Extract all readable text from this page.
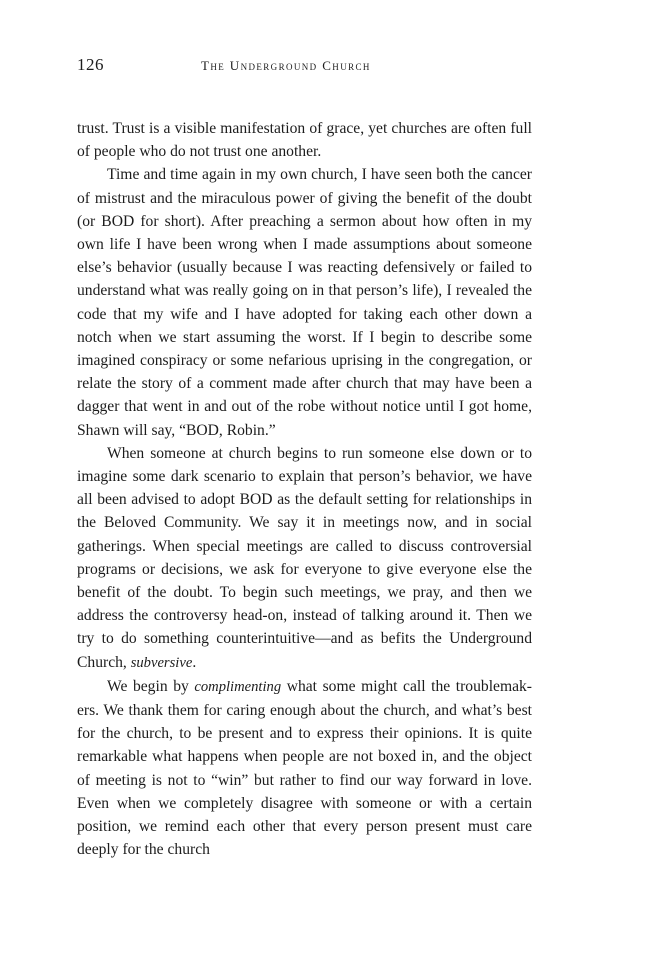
126	The Underground Church

trust. Trust is a visible manifestation of grace, yet churches are often full of people who do not trust one another.

Time and time again in my own church, I have seen both the cancer of mistrust and the miraculous power of giving the benefit of the doubt (or BOD for short). After preaching a sermon about how often in my own life I have been wrong when I made assumptions about someone else’s behavior (usually because I was reacting defensively or failed to understand what was really going on in that person’s life), I revealed the code that my wife and I have adopted for taking each other down a notch when we start assuming the worst. If I begin to describe some imagined conspiracy or some nefarious uprising in the congregation, or relate the story of a comment made after church that may have been a dagger that went in and out of the robe without notice until I got home, Shawn will say, “BOD, Robin.”

When someone at church begins to run someone else down or to imagine some dark scenario to explain that person’s behavior, we have all been advised to adopt BOD as the default setting for relationships in the Beloved Community. We say it in meetings now, and in social gatherings. When special meetings are called to discuss controversial programs or decisions, we ask for everyone to give everyone else the benefit of the doubt. To begin such meetings, we pray, and then we address the controversy head-on, instead of talking around it. Then we try to do something counterintuitive—and as befits the Underground Church, subversive.

We begin by complimenting what some might call the troublemakers. We thank them for caring enough about the church, and what’s best for the church, to be present and to express their opinions. It is quite remarkable what happens when people are not boxed in, and the object of meeting is not to “win” but rather to find our way forward in love. Even when we completely disagree with someone or with a certain position, we remind each other that every person present must care deeply for the church
